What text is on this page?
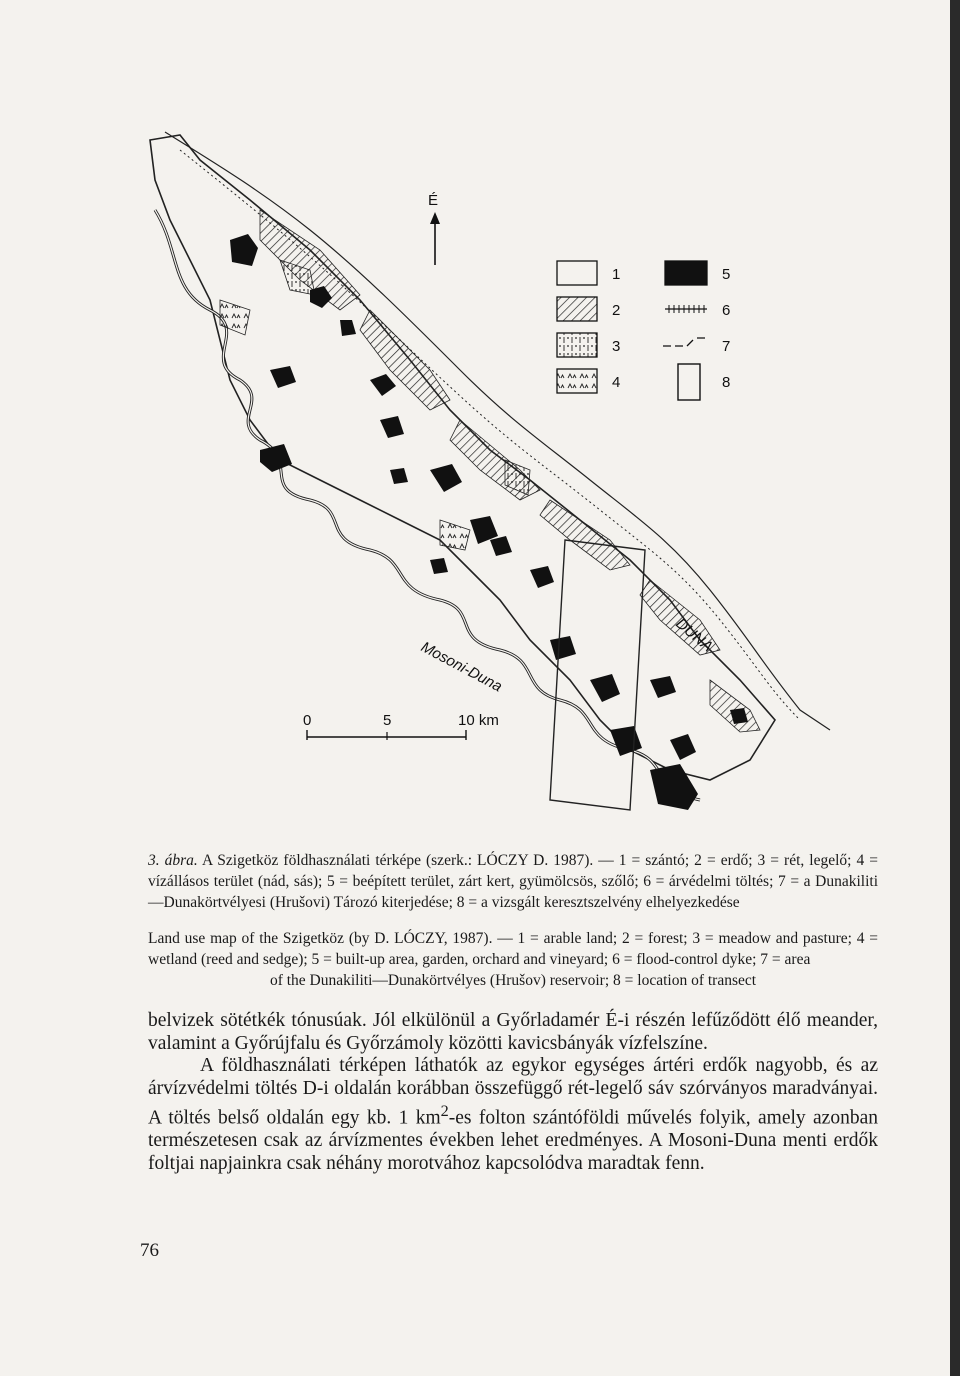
É
1
2
3
4
5
6
7
8
DUNA
Mosoni-Duna
0	5	10 km
3. ábra. A Szigetköz földhasználati térképe (szerk.: LÓCZY D. 1987). — 1 = szántó; 2 = erdő; 3 = rét, legelő; 4 = vízállásos terület (nád, sás); 5 = beépített terület, zárt kert, gyümölcsös, szőlő; 6 = árvédelmi töltés; 7 = a Dunakiliti—Dunakörtvélyesi (Hrušovi) Tározó kiterjedése; 8 = a vizsgált keresztszelvény elhelyezkedése
Land use map of the Szigetköz (by D. LÓCZY, 1987). — 1 = arable land; 2 = forest; 3 = meadow and pasture; 4 = wetland (reed and sedge); 5 = built-up area, garden, orchard and vineyard; 6 = flood-control dyke; 7 = area
of the Dunakiliti—Dunakörtvélyes (Hrušov) reservoir; 8 = location of transect

belvizek sötétkék tónusúak. Jól elkülönül a Győrladamér É-i részén lefűződött élő meander, valamint a Győrújfalu és Győrzámoly közötti kavicsbányák vízfelszíne.

A földhasználati térképen láthatók az egykor egységes ártéri erdők nagyobb, és az árvízvédelmi töltés D-i oldalán korábban összefüggő rét-legelő sáv szórványos maradványai. A töltés belső oldalán egy kb. 1 $km^2-es$ folton szántóföldi művelés folyik, amely azonban természetesen csak az árvízmentes években lehet eredményes. A Mosoni-Duna menti erdők foltjai napjainkra csak néhány morotvához kapcsolódva maradtak fenn.

76
